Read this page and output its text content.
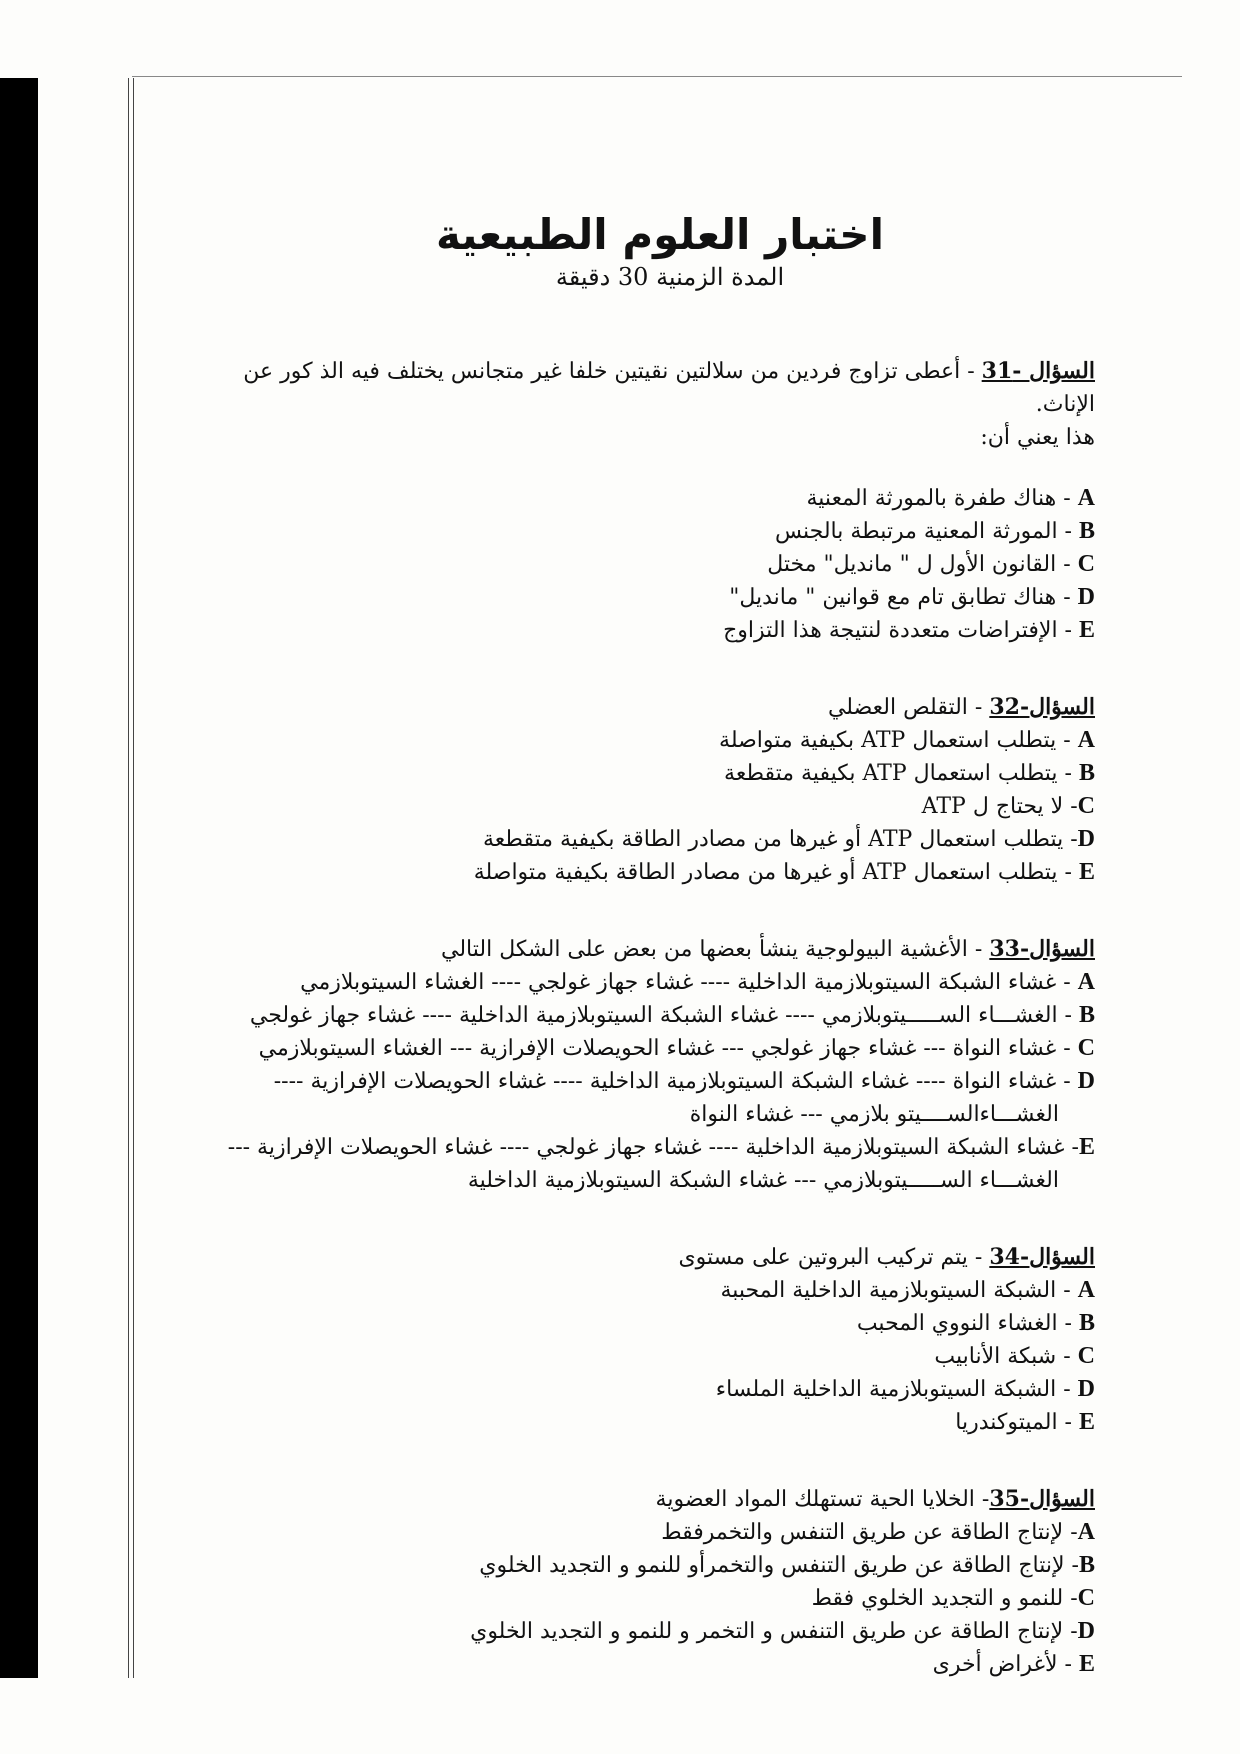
اختبار العلوم الطبيعية

المدة الزمنية 30 دقيقة

السؤال -31 - أعطى تزاوج فردين من سلالتين نقيتين خلفا غير متجانس يختلف فيه الذ كور عن الإناث.
هذا يعني أن:
A - هناك طفرة بالمورثة المعنية
B - المورثة المعنية مرتبطة بالجنس
C - القانون الأول ل " مانديل" مختل
D - هناك تطابق تام مع قوانين " مانديل"
E - الإفتراضات متعددة لنتيجة هذا التزاوج
السؤال-32 - التقلص العضلي
A - يتطلب استعمال ATP بكيفية متواصلة
B - يتطلب استعمال ATP بكيفية متقطعة
C- لا يحتاج ل ATP
D- يتطلب استعمال ATP أو غيرها من مصادر الطاقة بكيفية متقطعة
E - يتطلب استعمال ATP أو غيرها من مصادر الطاقة بكيفية متواصلة
السؤال-33 - الأغشية البيولوجية ينشأ بعضها من بعض على الشكل التالي
A - غشاء الشبكة السيتوبلازمية الداخلية ---- غشاء جهاز غولجي ---- الغشاء السيتوبلازمي
B - الغشـــاء الســـــيتوبلازمي ---- غشاء الشبكة السيتوبلازمية الداخلية ---- غشاء جهاز غولجي
C - غشاء النواة --- غشاء جهاز غولجي --- غشاء الحويصلات الإفرازية --- الغشاء السيتوبلازمي
D - غشاء النواة ---- غشاء الشبكة السيتوبلازمية الداخلية ---- غشاء الحويصلات الإفرازية ----
الغشـــاءالســــيتو بلازمي --- غشاء النواة
E- غشاء الشبكة السيتوبلازمية الداخلية ---- غشاء جهاز غولجي ---- غشاء الحويصلات الإفرازية ---
الغشـــاء الســـــيتوبلازمي --- غشاء الشبكة السيتوبلازمية الداخلية
السؤال-34 - يتم تركيب البروتين على مستوى
A - الشبكة السيتوبلازمية الداخلية المحببة
B - الغشاء النووي المحبب
C - شبكة الأنابيب
D - الشبكة السيتوبلازمية الداخلية الملساء
E - الميتوكندريا
السؤال-35- الخلايا الحية تستهلك المواد العضوية
A- لإنتاج الطاقة عن طريق التنفس والتخمرفقط
B- لإنتاج الطاقة عن طريق التنفس والتخمرأو للنمو و التجديد الخلوي
C- للنمو و التجديد الخلوي فقط
D- لإنتاج الطاقة عن طريق التنفس و التخمر و للنمو و التجديد الخلوي
E - لأغراض أخرى
